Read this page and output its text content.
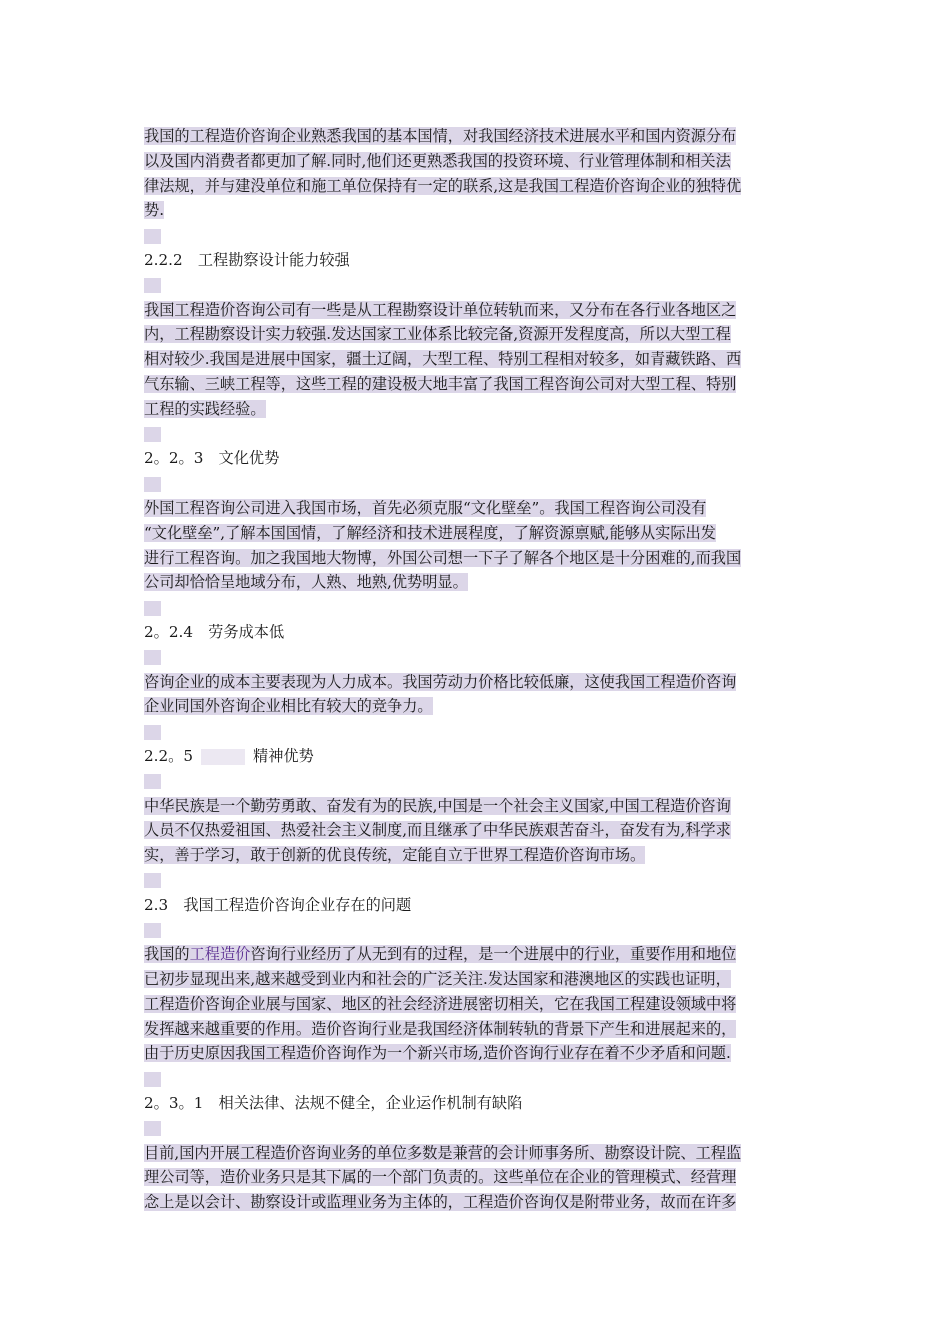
我国的工程造价咨询企业熟悉我国的基本国情，对我国经济技术进展水平和国内资源分布
以及国内消费者都更加了解.同时,他们还更熟悉我国的投资环境、行业管理体制和相关法
律法规，并与建没单位和施工单位保持有一定的联系,这是我国工程造价咨询企业的独特优
势.
2.2.2　工程勘察设计能力较强
我国工程造价咨询公司有一些是从工程勘察设计单位转轨而来，又分布在各行业各地区之
内，工程勘察设计实力较强.发达国家工业体系比较完备,资源开发程度高，所以大型工程
相对较少.我国是进展中国家，疆土辽阔，大型工程、特别工程相对较多，如青藏铁路、西
气东输、三峡工程等，这些工程的建设极大地丰富了我国工程咨询公司对大型工程、特别
工程的实践经验。
2。2。3　文化优势
外国工程咨询公司进入我国市场，首先必须克服“文化壁垒”。我国工程咨询公司没有
“文化壁垒”,了解本国国情，了解经济和技术进展程度，了解资源禀赋,能够从实际出发
进行工程咨询。加之我国地大物博，外国公司想一下子了解各个地区是十分困难的,而我国
公司却恰恰呈地域分布，人熟、地熟,优势明显。
2。2.4　劳务成本低
咨询企业的成本主要表现为人力成本。我国劳动力价格比较低廉，这使我国工程造价咨询
企业同国外咨询企业相比有较大的竞争力。
2.2。5	精神优势
中华民族是一个勤劳勇敢、奋发有为的民族,中国是一个社会主义国家,中国工程造价咨询
人员不仅热爱祖国、热爱社会主义制度,而且继承了中华民族艰苦奋斗，奋发有为,科学求
实，善于学习，敢于创新的优良传统，定能自立于世界工程造价咨询市场。
2.3　我国工程造价咨询企业存在的问题
我国的工程造价咨询行业经历了从无到有的过程，是一个进展中的行业，重要作用和地位
已初步显现出来,越来越受到业内和社会的广泛关注.发达国家和港澳地区的实践也证明，
工程造价咨询企业展与国家、地区的社会经济进展密切相关，它在我国工程建设领域中将
发挥越来越重要的作用。造价咨询行业是我国经济体制转轨的背景下产生和进展起来的，
由于历史原因我国工程造价咨询作为一个新兴市场,造价咨询行业存在着不少矛盾和问题.
2。3。1　相关法律、法规不健全，企业运作机制有缺陷
目前,国内开展工程造价咨询业务的单位多数是兼营的会计师事务所、勘察设计院、工程监
理公司等，造价业务只是其下属的一个部门负责的。这些单位在企业的管理模式、经营理
念上是以会计、勘察设计或监理业务为主体的，工程造价咨询仅是附带业务，故而在许多
